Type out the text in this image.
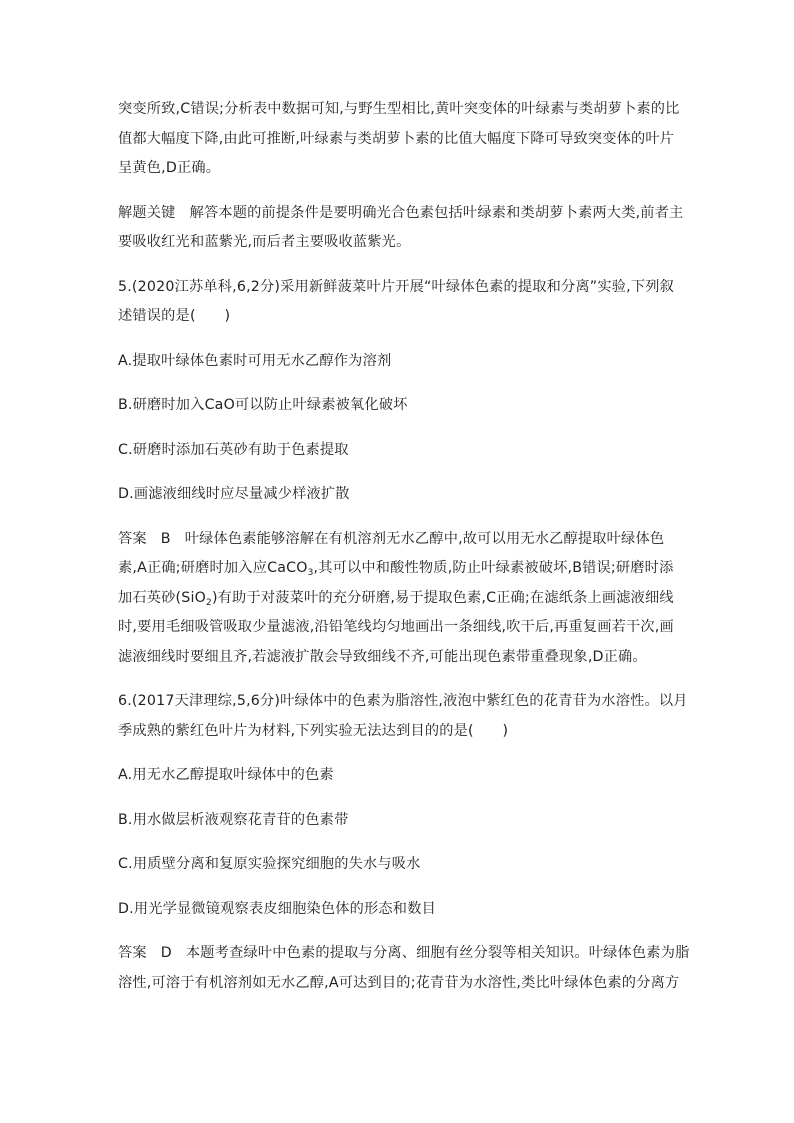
突变所致,C错误;分析表中数据可知,与野生型相比,黄叶突变体的叶绿素与类胡萝卜素的比
值都大幅度下降,由此可推断,叶绿素与类胡萝卜素的比值大幅度下降可导致突变体的叶片
呈黄色,D正确。

解题关键 解答本题的前提条件是要明确光合色素包括叶绿素和类胡萝卜素两大类,前者主
要吸收红光和蓝紫光,而后者主要吸收蓝紫光。

5.(2020江苏单科,6,2分)采用新鲜菠菜叶片开展“叶绿体色素的提取和分离”实验,下列叙
述错误的是(　　)

A.提取叶绿体色素时可用无水乙醇作为溶剂

B.研磨时加入CaO可以防止叶绿素被氧化破坏

C.研磨时添加石英砂有助于色素提取

D.画滤液细线时应尽量减少样液扩散

答案 B 叶绿体色素能够溶解在有机溶剂无水乙醇中,故可以用无水乙醇提取叶绿体色
素,A正确;研磨时加入应CaCO$_3$,其可以中和酸性物质,防止叶绿素被破坏,B错误;研磨时添
加石英砂(SiO$_2$)有助于对菠菜叶的充分研磨,易于提取色素,C正确;在滤纸条上画滤液细线
时,要用毛细吸管吸取少量滤液,沿铅笔线均匀地画出一条细线,吹干后,再重复画若干次,画
滤液细线时要细且齐,若滤液扩散会导致细线不齐,可能出现色素带重叠现象,D正确。

6.(2017天津理综,5,6分)叶绿体中的色素为脂溶性,液泡中紫红色的花青苷为水溶性。以月
季成熟的紫红色叶片为材料,下列实验无法达到目的的是(　　)

A.用无水乙醇提取叶绿体中的色素

B.用水做层析液观察花青苷的色素带

C.用质壁分离和复原实验探究细胞的失水与吸水

D.用光学显微镜观察表皮细胞染色体的形态和数目

答案 D 本题考查绿叶中色素的提取与分离、细胞有丝分裂等相关知识。叶绿体色素为脂
溶性,可溶于有机溶剂如无水乙醇,A可达到目的;花青苷为水溶性,类比叶绿体色素的分离方
